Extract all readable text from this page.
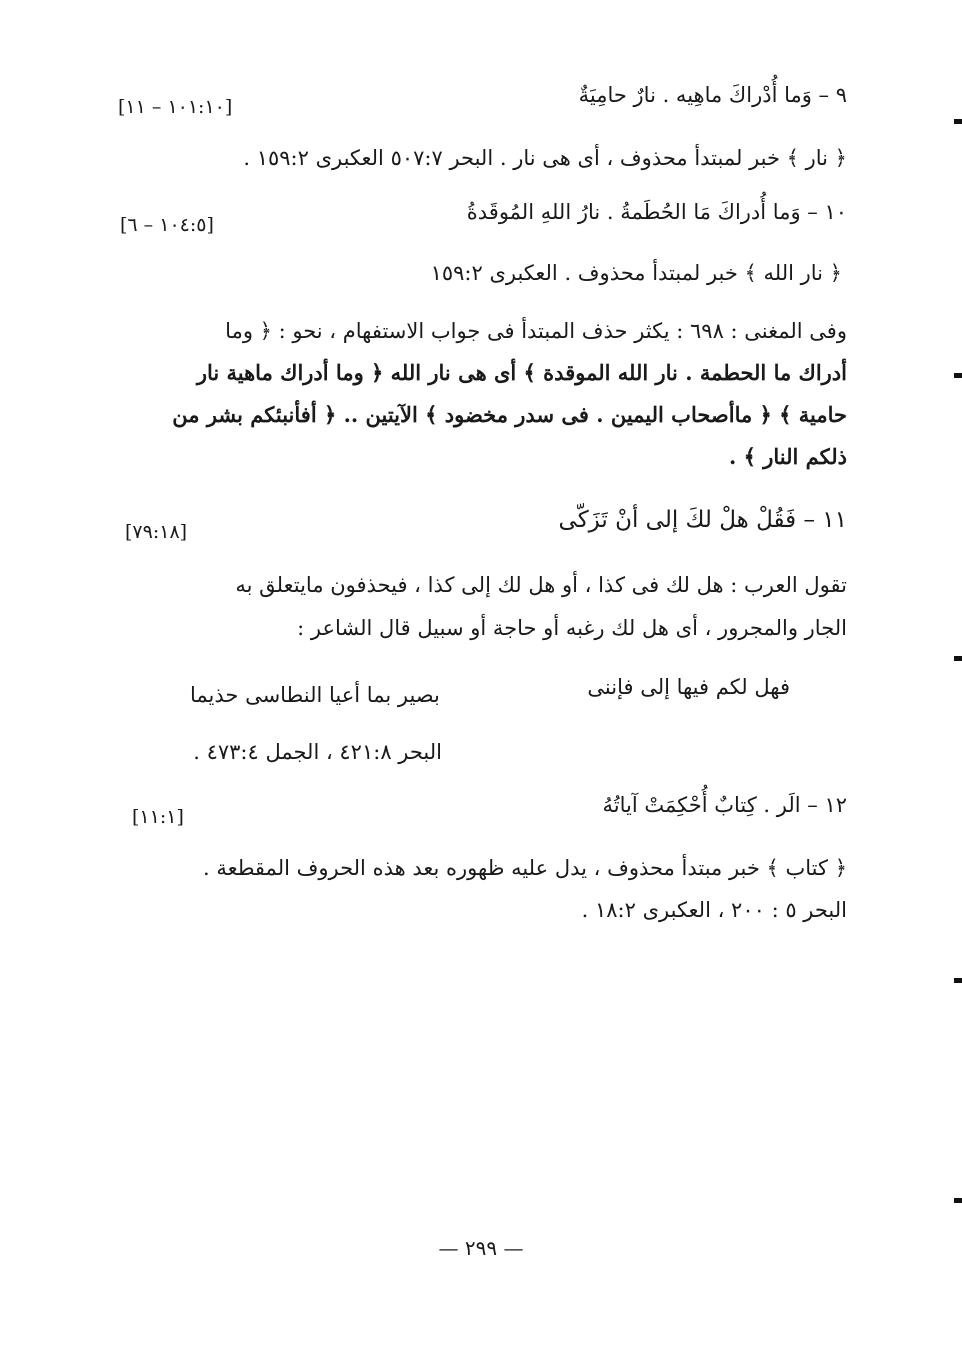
٩ – وَما أُدْراكَ ماهِيه . نارٌ حامِيَةٌ
[١٠١:١٠ – ١١]
﴿ نار ﴾ خبر لمبتدأ محذوف ، أى هى نار . البحر ٥٠٧:٧ العكبرى ١٥٩:٢ .
١٠ – وَما أُدراكَ مَا الحُطَمةُ . نارُ اللهِ المُوقَدةُ
[١٠٤:٥ – ٦]
﴿ نار الله ﴾ خبر لمبتدأ محذوف . العكبرى ١٥٩:٢
وفى المغنى : ٦٩٨ : يكثر حذف المبتدأ فى جواب الاستفهام ، نحو : ﴿ وما
أدراك ما الحطمة . نار الله الموقدة ﴾ أى هى نار الله ﴿ وما أدراك ماهية نار
حامية ﴾ ﴿ ماأصحاب اليمين . فى سدر مخضود ﴾ الآيتين .. ﴿ أفأنبئكم بشر من
ذلكم النار ﴾ .
١١ – فَقُلْ هلْ لكَ إلى أنْ تَزَكّى
[٧٩:١٨]
تقول العرب : هل لك فى كذا ، أو هل لك إلى كذا ، فيحذفون مايتعلق به
الجار والمجرور ، أى هل لك رغبه أو حاجة أو سبيل قال الشاعر :
فهل لكم فيها إلى فإننى
بصير بما أعيا النطاسى حذيما
البحر ٤٢١:٨ ، الجمل ٤٧٣:٤ .
١٢ – الَر . كِتابٌ أُحْكِمَتْ آياتُهُ
[١١:١]
﴿ كتاب ﴾ خبر مبتدأ محذوف ، يدل عليه ظهوره بعد هذه الحروف المقطعة .
البحر ٥ : ٢٠٠ ، العكبرى ١٨:٢ .
— ٢٩٩ —
